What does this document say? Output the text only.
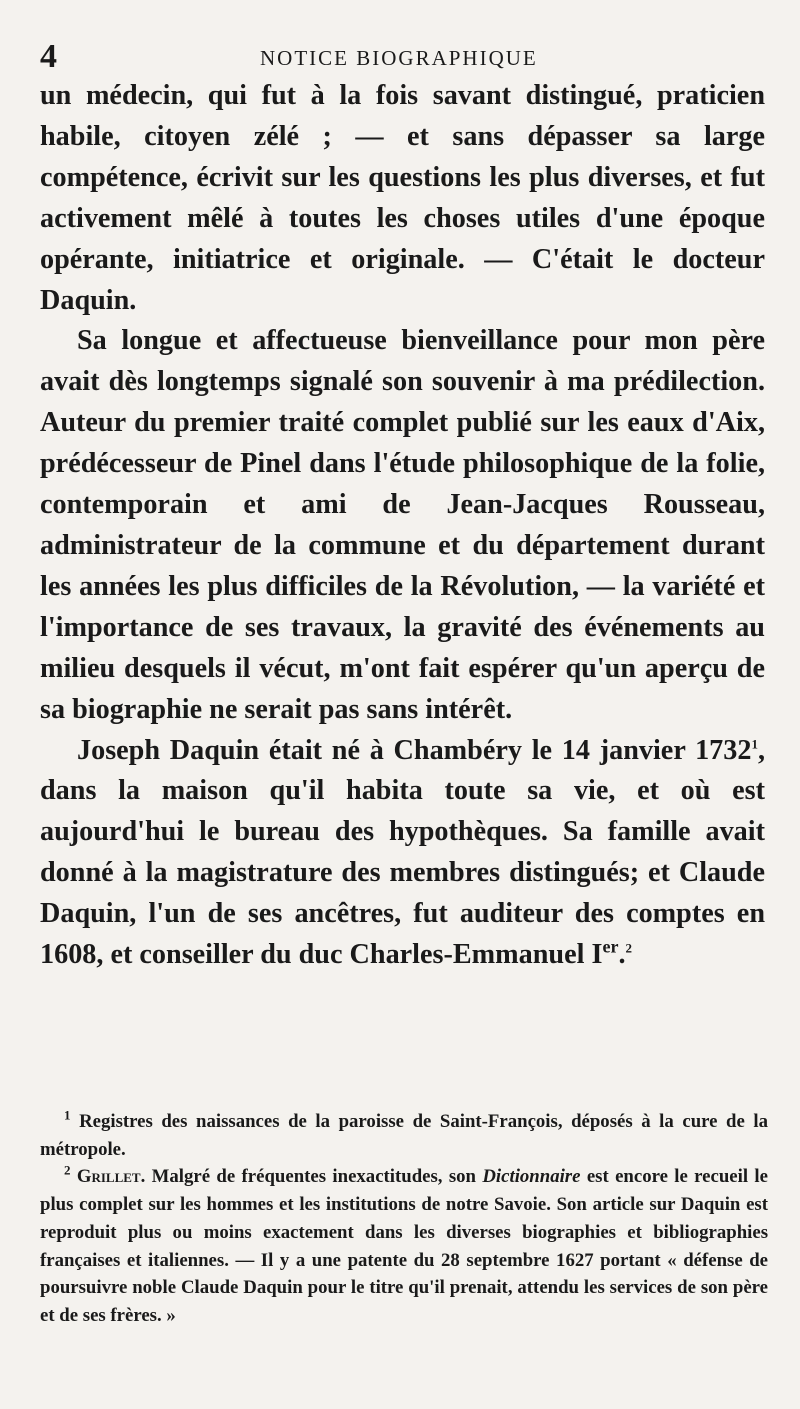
4	NOTICE BIOGRAPHIQUE

un médecin, qui fut à la fois savant distingué, praticien habile, citoyen zélé ; — et sans dépasser sa large compétence, écrivit sur les questions les plus diverses, et fut activement mêlé à toutes les choses utiles d'une époque opérante, initiatrice et originale. — C'était le docteur Daquin.

Sa longue et affectueuse bienveillance pour mon père avait dès longtemps signalé son souvenir à ma prédilection. Auteur du premier traité complet publié sur les eaux d'Aix, prédécesseur de Pinel dans l'étude philosophique de la folie, contemporain et ami de Jean-Jacques Rousseau, administrateur de la commune et du département durant les années les plus difficiles de la Révolution, — la variété et l'importance de ses travaux, la gravité des événements au milieu desquels il vécut, m'ont fait espérer qu'un aperçu de sa biographie ne serait pas sans intérêt.

Joseph Daquin était né à Chambéry le 14 janvier 1732$^1$, dans la maison qu'il habita toute sa vie, et où est aujourd'hui le bureau des hypothèques. Sa famille avait donné à la magistrature des membres distingués; et Claude Daquin, l'un de ses ancêtres, fut auditeur des comptes en 1608, et conseiller du duc Charles-Emmanuel Ier.$^2$

$^1$ Registres des naissances de la paroisse de Saint-François, déposés à la cure de la métropole.

$^2$ Grillet. Malgré de fréquentes inexactitudes, son Dictionnaire est encore le recueil le plus complet sur les hommes et les institutions de notre Savoie. Son article sur Daquin est reproduit plus ou moins exactement dans les diverses biographies et bibliographies françaises et italiennes. — Il y a une patente du 28 septembre 1627 portant « défense de poursuivre noble Claude Daquin pour le titre qu'il prenait, attendu les services de son père et de ses frères. »
